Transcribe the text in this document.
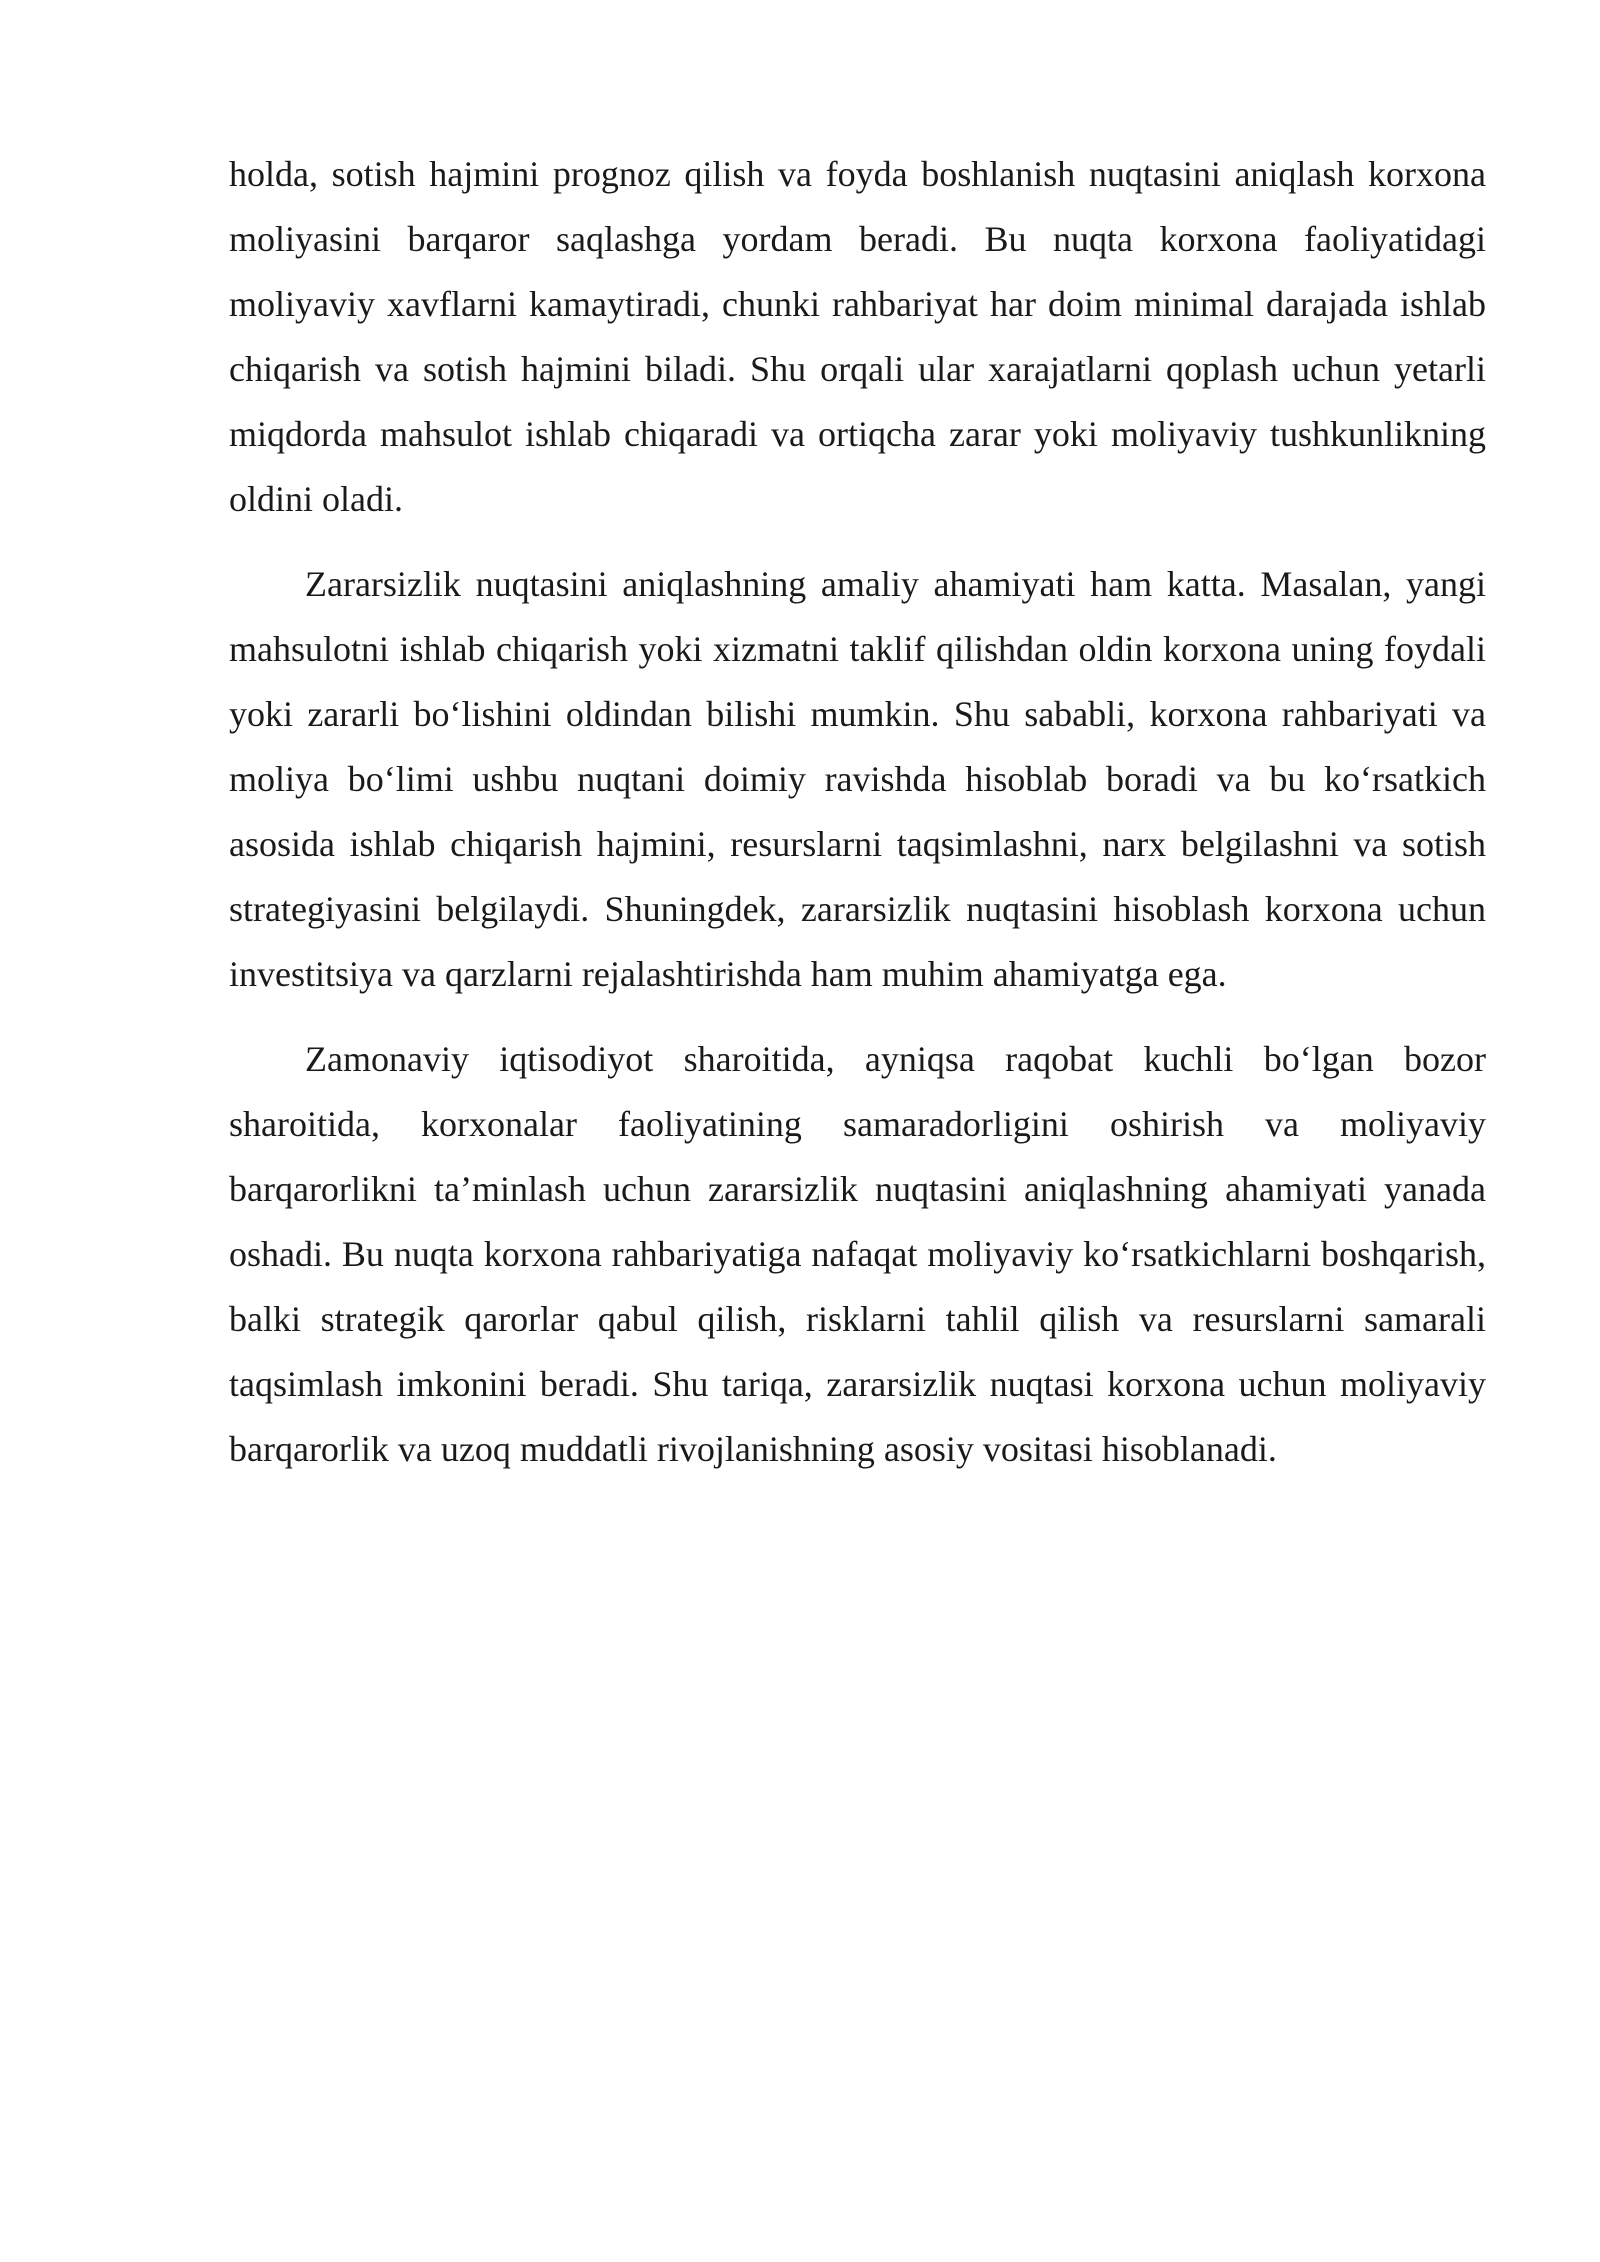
holda, sotish hajmini prognoz qilish va foyda boshlanish nuqtasini aniqlash korxona moliyasini barqaror saqlashga yordam beradi. Bu nuqta korxona faoliyatidagi moliyaviy xavflarni kamaytiradi, chunki rahbariyat har doim minimal darajada ishlab chiqarish va sotish hajmini biladi. Shu orqali ular xarajatlarni qoplash uchun yetarli miqdorda mahsulot ishlab chiqaradi va ortiqcha zarar yoki moliyaviy tushkunlikning oldini oladi.

Zararsizlik nuqtasini aniqlashning amaliy ahamiyati ham katta. Masalan, yangi mahsulotni ishlab chiqarish yoki xizmatni taklif qilishdan oldin korxona uning foydali yoki zararli bo‘lishini oldindan bilishi mumkin. Shu sababli, korxona rahbariyati va moliya bo‘limi ushbu nuqtani doimiy ravishda hisoblab boradi va bu ko‘rsatkich asosida ishlab chiqarish hajmini, resurslarni taqsimlashni, narx belgilashni va sotish strategiyasini belgilaydi. Shuningdek, zararsizlik nuqtasini hisoblash korxona uchun investitsiya va qarzlarni rejalashtirishda ham muhim ahamiyatga ega.

Zamonaviy iqtisodiyot sharoitida, ayniqsa raqobat kuchli bo‘lgan bozor sharoitida, korxonalar faoliyatining samaradorligini oshirish va moliyaviy barqarorlikni ta’minlash uchun zararsizlik nuqtasini aniqlashning ahamiyati yanada oshadi. Bu nuqta korxona rahbariyatiga nafaqat moliyaviy ko‘rsatkichlarni boshqarish, balki strategik qarorlar qabul qilish, risklarni tahlil qilish va resurslarni samarali taqsimlash imkonini beradi. Shu tariqa, zararsizlik nuqtasi korxona uchun moliyaviy barqarorlik va uzoq muddatli rivojlanishning asosiy vositasi hisoblanadi.
